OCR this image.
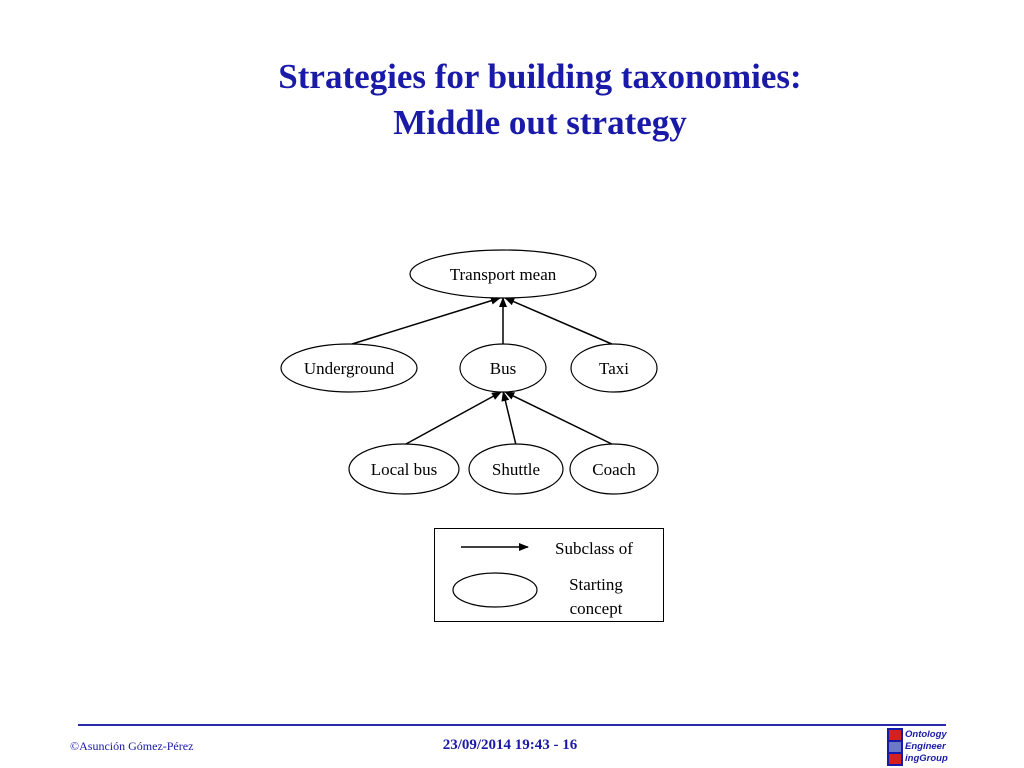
Strategies for building taxonomies:
Middle out strategy
Transport mean
Underground	Bus	Taxi
Local bus	Shuttle	Coach
Subclass of
Starting
concept
©Asunción Gómez-Pérez	23/09/2014 19:43 - 16
Ontology
Engineer
ingGroup
